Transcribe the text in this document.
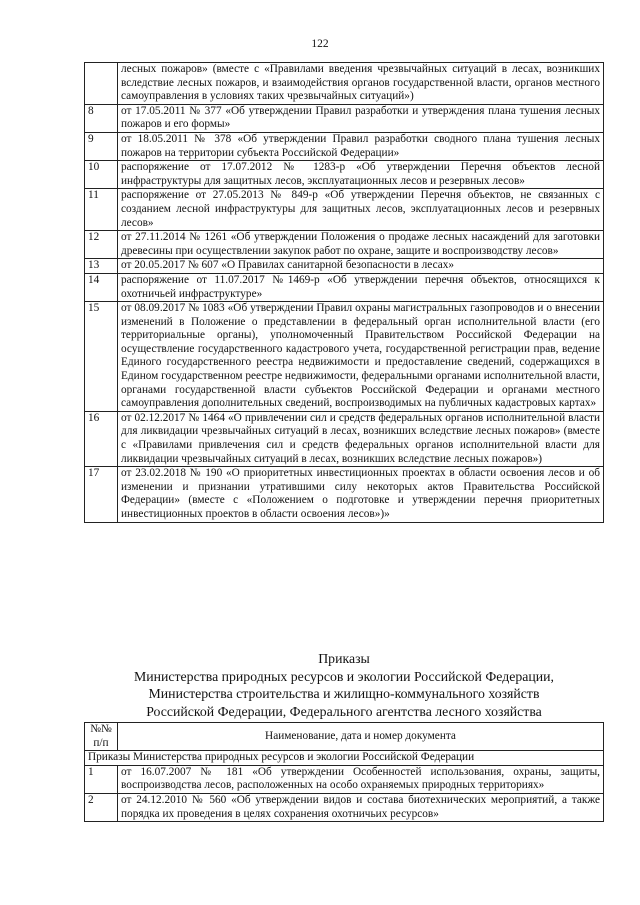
122
	лесных пожаров» (вместе с «Правилами введения чрезвычайных ситуаций в лесах, возникших вследствие лесных пожаров, и взаимодействия органов государственной власти, органов местного самоуправления в условиях таких чрезвычайных ситуаций»)
8	от 17.05.2011 № 377 «Об утверждении Правил разработки и утверждения плана тушения лесных пожаров и его формы»
9	от 18.05.2011 № 378 «Об утверждении Правил разработки сводного плана тушения лесных пожаров на территории субъекта Российской Федерации»
10	распоряжение от 17.07.2012 № 1283-р «Об утверждении Перечня объектов лесной инфраструктуры для защитных лесов, эксплуатационных лесов и резервных лесов»
11	распоряжение от 27.05.2013 № 849-р «Об утверждении Перечня объектов, не связанных с созданием лесной инфраструктуры для защитных лесов, эксплуатационных лесов и резервных лесов»
12	от 27.11.2014 № 1261 «Об утверждении Положения о продаже лесных насаждений для заготовки древесины при осуществлении закупок работ по охране, защите и воспроизводству лесов»
13	от 20.05.2017 № 607 «О Правилах санитарной безопасности в лесах»
14	распоряжение от 11.07.2017 №1469-р «Об утверждении перечня объектов, относящихся к охотничьей инфраструктуре»
15	от 08.09.2017 № 1083 «Об утверждении Правил охраны магистральных газопроводов и о внесении изменений в Положение о представлении в федеральный орган исполнительной власти (его территориальные органы), уполномоченный Правительством Российской Федерации на осуществление государственного кадастрового учета, государственной регистрации прав, ведение Единого государственного реестра недвижимости и предоставление сведений, содержащихся в Едином государственном реестре недвижимости, федеральными органами исполнительной власти, органами государственной власти субъектов Российской Федерации и органами местного самоуправления дополнительных сведений, воспроизводимых на публичных кадастровых картах»
16	от 02.12.2017 № 1464 «О привлечении сил и средств федеральных органов исполнительной власти для ликвидации чрезвычайных ситуаций в лесах, возникших вследствие лесных пожаров» (вместе с «Правилами привлечения сил и средств федеральных органов исполнительной власти для ликвидации чрезвычайных ситуаций в лесах, возникших вследствие лесных пожаров»)
17	от 23.02.2018 № 190 «О приоритетных инвестиционных проектах в области освоения лесов и об изменении и признании утратившими силу некоторых актов Правительства Российской Федерации» (вместе с «Положением о подготовке и утверждении перечня приоритетных инвестиционных проектов в области освоения лесов»)»
Приказы
Министерства природных ресурсов и экологии Российской Федерации,
Министерства строительства и жилищно-коммунального хозяйств
Российской Федерации, Федерального агентства лесного хозяйства
№№ п/п	Наименование, дата и номер документа
Приказы Министерства природных ресурсов и экологии Российской Федерации	
1	от 16.07.2007 № 181 «Об утверждении Особенностей использования, охраны, защиты, воспроизводства лесов, расположенных на особо охраняемых природных территориях»
2	от 24.12.2010 № 560 «Об утверждении видов и состава биотехнических мероприятий, а также порядка их проведения в целях сохранения охотничьих ресурсов»
